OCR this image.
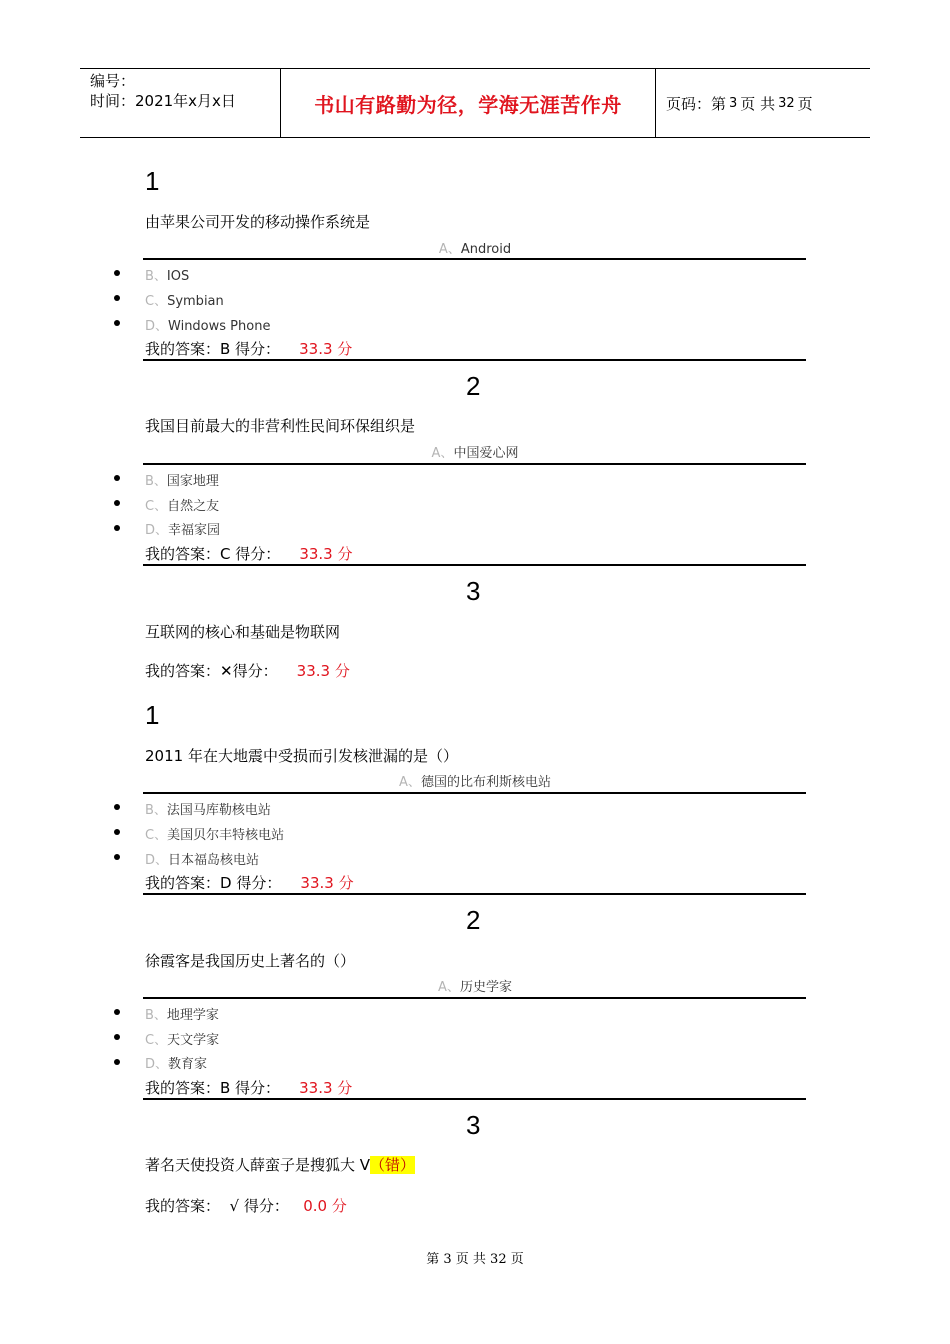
编号：
时间：2021年x月x日	书山有路勤为径，学海无涯苦作舟	页码：第 3 页 共 32 页
1
由苹果公司开发的移动操作系统是
A、Android
B、IOS
C、Symbian
D、Windows Phone
我的答案：B 得分： 33.3 分
2
我国目前最大的非营利性民间环保组织是
A、中国爱心网
B、国家地理
C、自然之友
D、幸福家园
我的答案：C 得分： 33.3 分
3
互联网的核心和基础是物联网
我的答案：✕得分： 33.3 分
1
2011 年在大地震中受损而引发核泄漏的是（）
A、德国的比布利斯核电站
B、法国马库勒核电站
C、美国贝尔丰特核电站
D、日本福岛核电站
我的答案：D 得分： 33.3 分
2
徐霞客是我国历史上著名的（）
A、历史学家
B、地理学家
C、天文学家
D、教育家
我的答案：B 得分： 33.3 分
3
著名天使投资人薛蛮子是搜狐大 V（错）
我的答案：  √ 得分： 0.0 分
第 3 页 共 32 页
